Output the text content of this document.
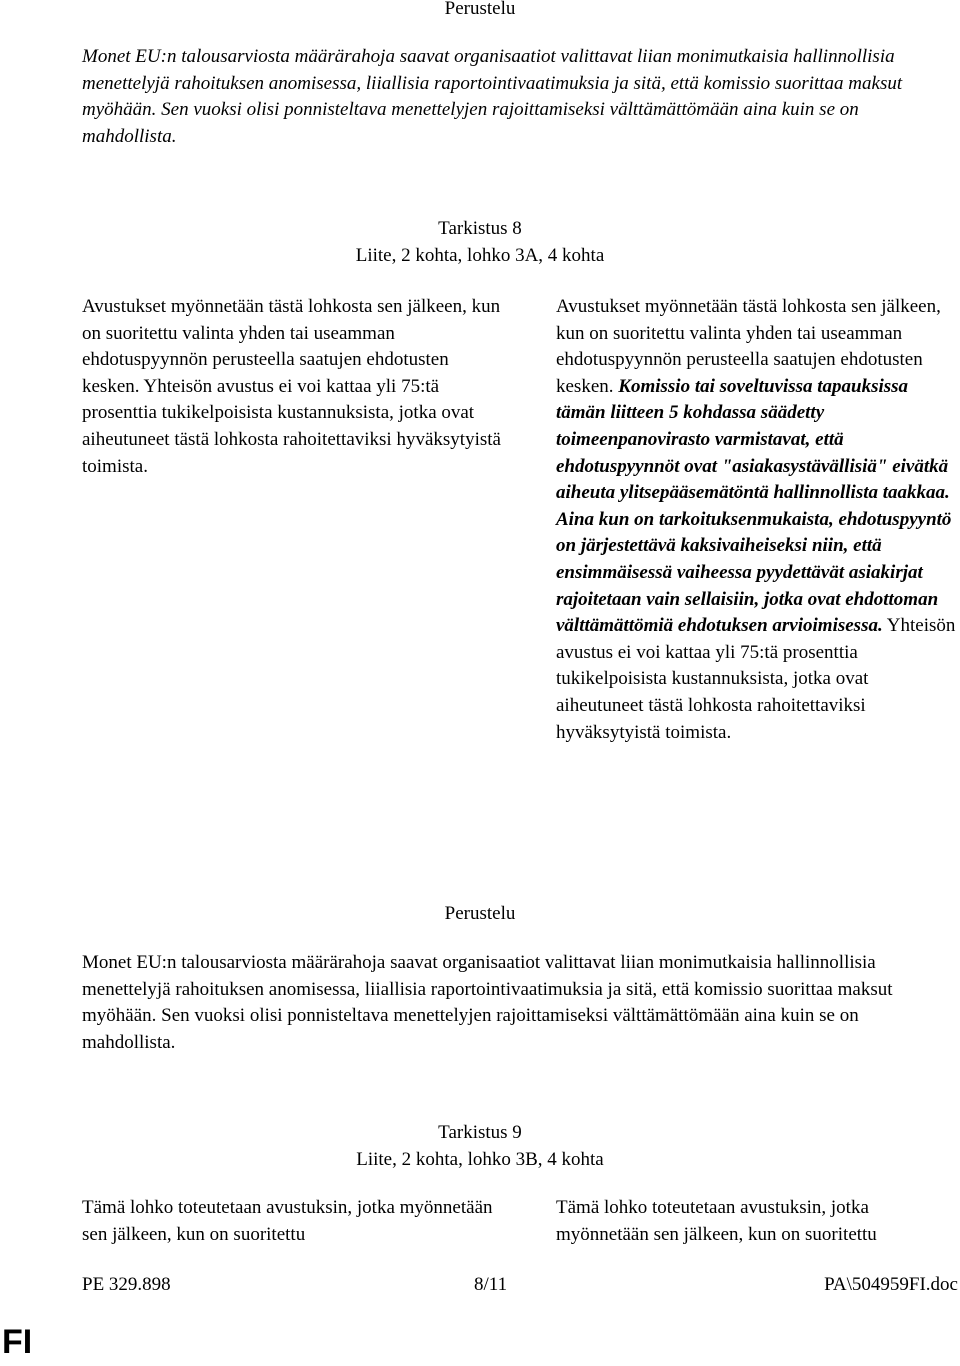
Perustelu
Monet EU:n talousarviosta määrärahoja saavat organisaatiot valittavat liian monimutkaisia hallinnollisia menettelyjä rahoituksen anomisessa, liiallisia raportointivaatimuksia ja sitä, että komissio suorittaa maksut myöhään. Sen vuoksi olisi ponnisteltava menettelyjen rajoittamiseksi välttämättömään aina kuin se on mahdollista.
Tarkistus 8
Liite, 2 kohta, lohko 3A, 4 kohta
Avustukset myönnetään tästä lohkosta sen jälkeen, kun on suoritettu valinta yhden tai useamman ehdotuspyynnön perusteella saatujen ehdotusten kesken. Yhteisön avustus ei voi kattaa yli 75:tä prosenttia tukikelpoisista kustannuksista, jotka ovat aiheutuneet tästä lohkosta rahoitettaviksi hyväksytyistä toimista.
Avustukset myönnetään tästä lohkosta sen jälkeen, kun on suoritettu valinta yhden tai useamman ehdotuspyynnön perusteella saatujen ehdotusten kesken. Komissio tai soveltuvissa tapauksissa tämän liitteen 5 kohdassa säädetty toimeenpanovirasto varmistavat, että ehdotuspyynnöt ovat "asiakasystävällisiä" eivätkä aiheuta ylitsepääsemätöntä hallinnollista taakkaa. Aina kun on tarkoituksenmukaista, ehdotuspyyntö on järjestettävä kaksivaiheiseksi niin, että ensimmäisessä vaiheessa pyydettävät asiakirjat rajoitetaan vain sellaisiin, jotka ovat ehdottoman välttämättömiä ehdotuksen arvioimisessa. Yhteisön avustus ei voi kattaa yli 75:tä prosenttia tukikelpoisista kustannuksista, jotka ovat aiheutuneet tästä lohkosta rahoitettaviksi hyväksytyistä toimista.
Perustelu
Monet EU:n talousarviosta määrärahoja saavat organisaatiot valittavat liian monimutkaisia hallinnollisia menettelyjä rahoituksen anomisessa, liiallisia raportointivaatimuksia ja sitä, että komissio suorittaa maksut myöhään. Sen vuoksi olisi ponnisteltava menettelyjen rajoittamiseksi välttämättömään aina kuin se on mahdollista.
Tarkistus 9
Liite, 2 kohta, lohko 3B, 4 kohta
Tämä lohko toteutetaan avustuksin, jotka myönnetään sen jälkeen, kun on suoritettu
Tämä lohko toteutetaan avustuksin, jotka myönnetään sen jälkeen, kun on suoritettu
PE 329.898	8/11	PA\504959FI.doc
FI
